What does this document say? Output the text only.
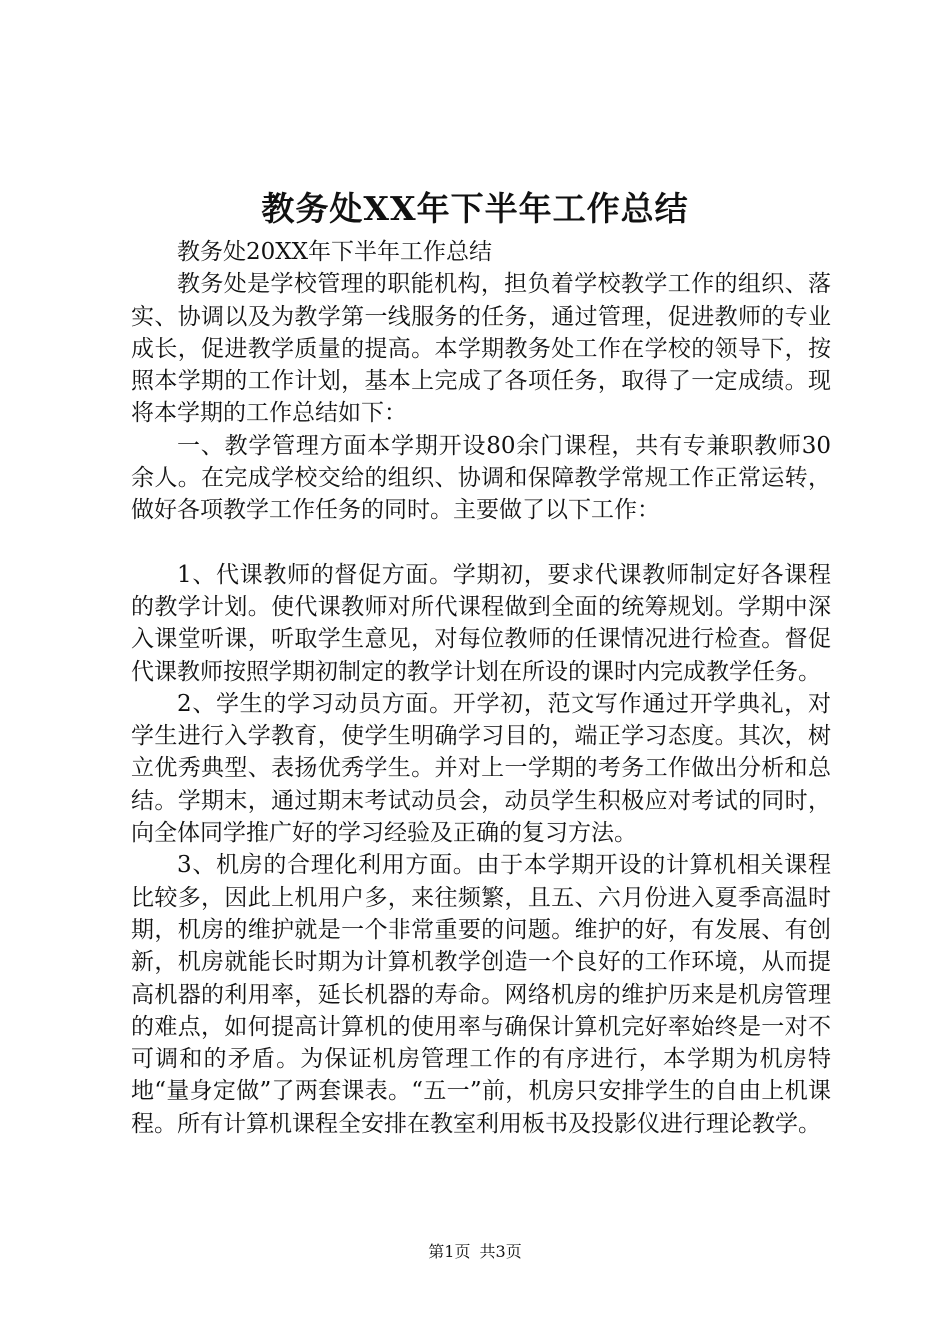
教务处XX年下半年工作总结

教务处20XX年下半年工作总结

教务处是学校管理的职能机构，担负着学校教学工作的组织、落实、协调以及为教学第一线服务的任务，通过管理，促进教师的专业成长，促进教学质量的提高。本学期教务处工作在学校的领导下，按照本学期的工作计划，基本上完成了各项任务，取得了一定成绩。现将本学期的工作总结如下：

一、教学管理方面本学期开设80余门课程，共有专兼职教师30余人。在完成学校交给的组织、协调和保障教学常规工作正常运转，做好各项教学工作任务的同时。主要做了以下工作：

1、代课教师的督促方面。学期初，要求代课教师制定好各课程的教学计划。使代课教师对所代课程做到全面的统筹规划。学期中深入课堂听课，听取学生意见，对每位教师的任课情况进行检查。督促代课教师按照学期初制定的教学计划在所设的课时内完成教学任务。

2、学生的学习动员方面。开学初，范文写作通过开学典礼，对学生进行入学教育，使学生明确学习目的，端正学习态度。其次，树立优秀典型、表扬优秀学生。并对上一学期的考务工作做出分析和总结。学期末，通过期末考试动员会，动员学生积极应对考试的同时，向全体同学推广好的学习经验及正确的复习方法。

3、机房的合理化利用方面。由于本学期开设的计算机相关课程比较多，因此上机用户多，来往频繁，且五、六月份进入夏季高温时期，机房的维护就是一个非常重要的问题。维护的好，有发展、有创新，机房就能长时期为计算机教学创造一个良好的工作环境，从而提高机器的利用率，延长机器的寿命。网络机房的维护历来是机房管理的难点，如何提高计算机的使用率与确保计算机完好率始终是一对不可调和的矛盾。为保证机房管理工作的有序进行，本学期为机房特地“量身定做”了两套课表。“五一”前，机房只安排学生的自由上机课程。所有计算机课程全安排在教室利用板书及投影仪进行理论教学。

第1页 共3页
